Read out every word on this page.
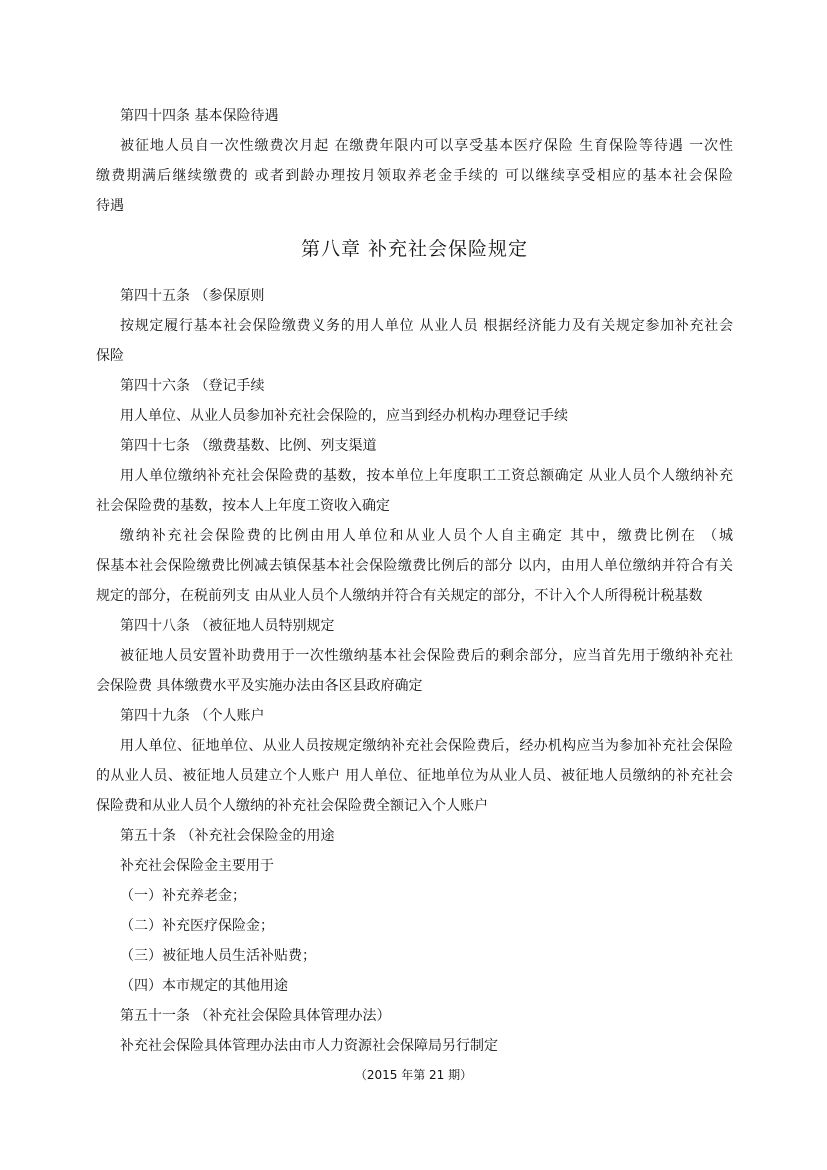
第四十四条 基本保险待遇
被征地人员自一次性缴费次月起 在缴费年限内可以享受基本医疗保险 生育保险等待遇 一次性
缴费期满后继续缴费的 或者到龄办理按月领取养老金手续的 可以继续享受相应的基本社会保险
待遇
第八章 补充社会保险规定
第四十五条 （参保原则
按规定履行基本社会保险缴费义务的用人单位 从业人员 根据经济能力及有关规定参加补充社会
保险
第四十六条 （登记手续
用人单位、从业人员参加补充社会保险的，应当到经办机构办理登记手续
第四十七条 （缴费基数、比例、列支渠道
用人单位缴纳补充社会保险费的基数，按本单位上年度职工工资总额确定 从业人员个人缴纳补充
社会保险费的基数，按本人上年度工资收入确定
缴纳补充社会保险费的比例由用人单位和从业人员个人自主确定 其中，缴费比例在 （城
保基本社会保险缴费比例减去镇保基本社会保险缴费比例后的部分 以内，由用人单位缴纳并符合有关
规定的部分，在税前列支 由从业人员个人缴纳并符合有关规定的部分，不计入个人所得税计税基数
第四十八条 （被征地人员特别规定
被征地人员安置补助费用于一次性缴纳基本社会保险费后的剩余部分，应当首先用于缴纳补充社
会保险费 具体缴费水平及实施办法由各区县政府确定
第四十九条 （个人账户
用人单位、征地单位、从业人员按规定缴纳补充社会保险费后，经办机构应当为参加补充社会保险
的从业人员、被征地人员建立个人账户 用人单位、征地单位为从业人员、被征地人员缴纳的补充社会
保险费和从业人员个人缴纳的补充社会保险费全额记入个人账户
第五十条 （补充社会保险金的用途
补充社会保险金主要用于
（一）补充养老金；
（二）补充医疗保险金；
（三）被征地人员生活补贴费；
（四）本市规定的其他用途
第五十一条 （补充社会保险具体管理办法）
补充社会保险具体管理办法由市人力资源社会保障局另行制定
（2015 年第 21 期）
